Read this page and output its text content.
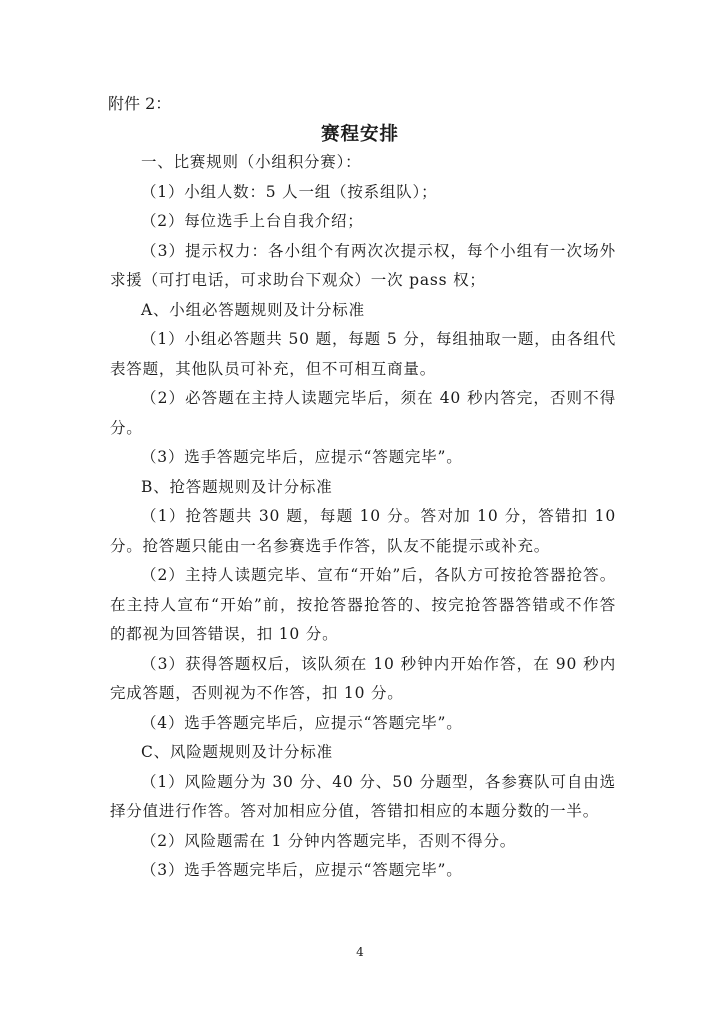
附件 2：
赛程安排

一、比赛规则（小组积分赛）：

（1）小组人数：5 人一组（按系组队）；

（2）每位选手上台自我介绍；

（3）提示权力：各小组个有两次次提示权，每个小组有一次场外求援（可打电话，可求助台下观众）一次 pass 权；

A、小组必答题规则及计分标准

（1）小组必答题共 50 题，每题 5 分，每组抽取一题，由各组代表答题，其他队员可补充，但不可相互商量。

（2）必答题在主持人读题完毕后，须在 40 秒内答完，否则不得分。

（3）选手答题完毕后，应提示“答题完毕”。

B、抢答题规则及计分标准

（1）抢答题共 30 题，每题 10 分。答对加 10 分，答错扣 10 分。抢答题只能由一名参赛选手作答，队友不能提示或补充。

（2）主持人读题完毕、宣布“开始”后，各队方可按抢答器抢答。在主持人宣布“开始”前，按抢答器抢答的、按完抢答器答错或不作答的都视为回答错误，扣 10 分。

（3）获得答题权后，该队须在 10 秒钟内开始作答，在 90 秒内完成答题，否则视为不作答，扣 10 分。

（4）选手答题完毕后，应提示“答题完毕”。

C、风险题规则及计分标准

（1）风险题分为 30 分、40 分、50 分题型，各参赛队可自由选择分值进行作答。答对加相应分值，答错扣相应的本题分数的一半。

（2）风险题需在 1 分钟内答题完毕，否则不得分。

（3）选手答题完毕后，应提示“答题完毕”。

4
